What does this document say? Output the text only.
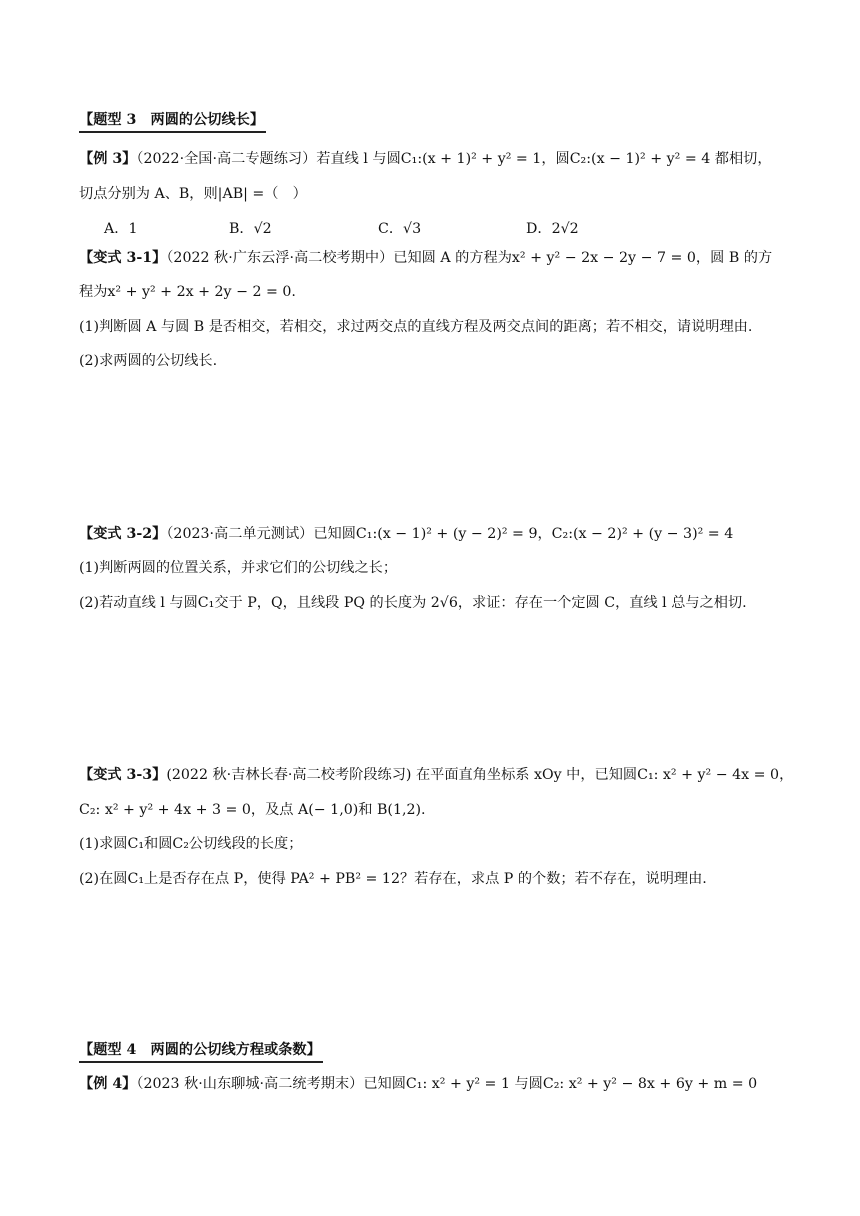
【题型 3　两圆的公切线长】
【例 3】（2022·全国·高二专题练习）若直线 l 与圆C₁:(x + 1)² + y² = 1，圆C₂:(x − 1)² + y² = 4 都相切，
切点分别为 A、B，则|AB| =（　）
A．1	B．√2	C．√3	D．2√2
【变式 3-1】（2022 秋·广东云浮·高二校考期中）已知圆 A 的方程为x² + y² − 2x − 2y − 7 = 0，圆 B 的方
程为x² + y² + 2x + 2y − 2 = 0.
(1)判断圆 A 与圆 B 是否相交，若相交，求过两交点的直线方程及两交点间的距离；若不相交，请说明理由.
(2)求两圆的公切线长.
【变式 3-2】（2023·高二单元测试）已知圆C₁:(x − 1)² + (y − 2)² = 9，C₂:(x − 2)² + (y − 3)² = 4
(1)判断两圆的位置关系，并求它们的公切线之长；
(2)若动直线 l 与圆C₁交于 P，Q，且线段 PQ 的长度为 2√6，求证：存在一个定圆 C，直线 l 总与之相切.
【变式 3-3】(2022 秋·吉林长春·高二校考阶段练习) 在平面直角坐标系 xOy 中，已知圆C₁: x² + y² − 4x = 0，
C₂: x² + y² + 4x + 3 = 0，及点 A(− 1,0)和 B(1,2).
(1)求圆C₁和圆C₂公切线段的长度；
(2)在圆C₁上是否存在点 P，使得 PA² + PB² = 12？若存在，求点 P 的个数；若不存在，说明理由.
【题型 4　两圆的公切线方程或条数】
【例 4】（2023 秋·山东聊城·高二统考期末）已知圆C₁: x² + y² = 1 与圆C₂: x² + y² − 8x + 6y + m = 0
